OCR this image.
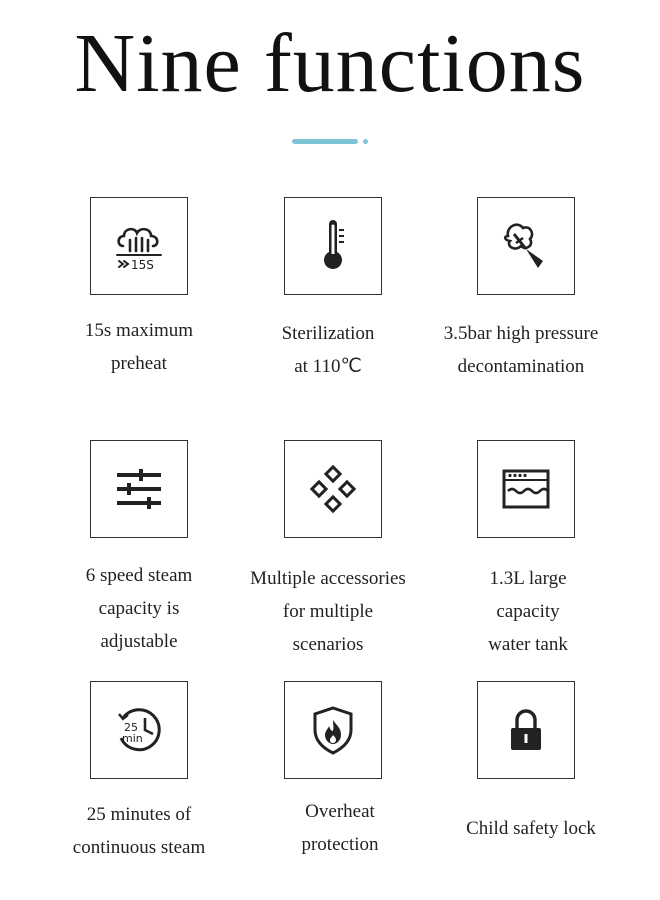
Nine functions
15S
15s maximum
preheat
Sterilization
at 110℃
3.5bar high pressure
decontamination
6 speed steam
capacity is
adjustable
Multiple accessories
for multiple
scenarios
1.3L large
capacity
water tank
25
min
25 minutes of
continuous steam
Overheat
protection
Child safety lock
